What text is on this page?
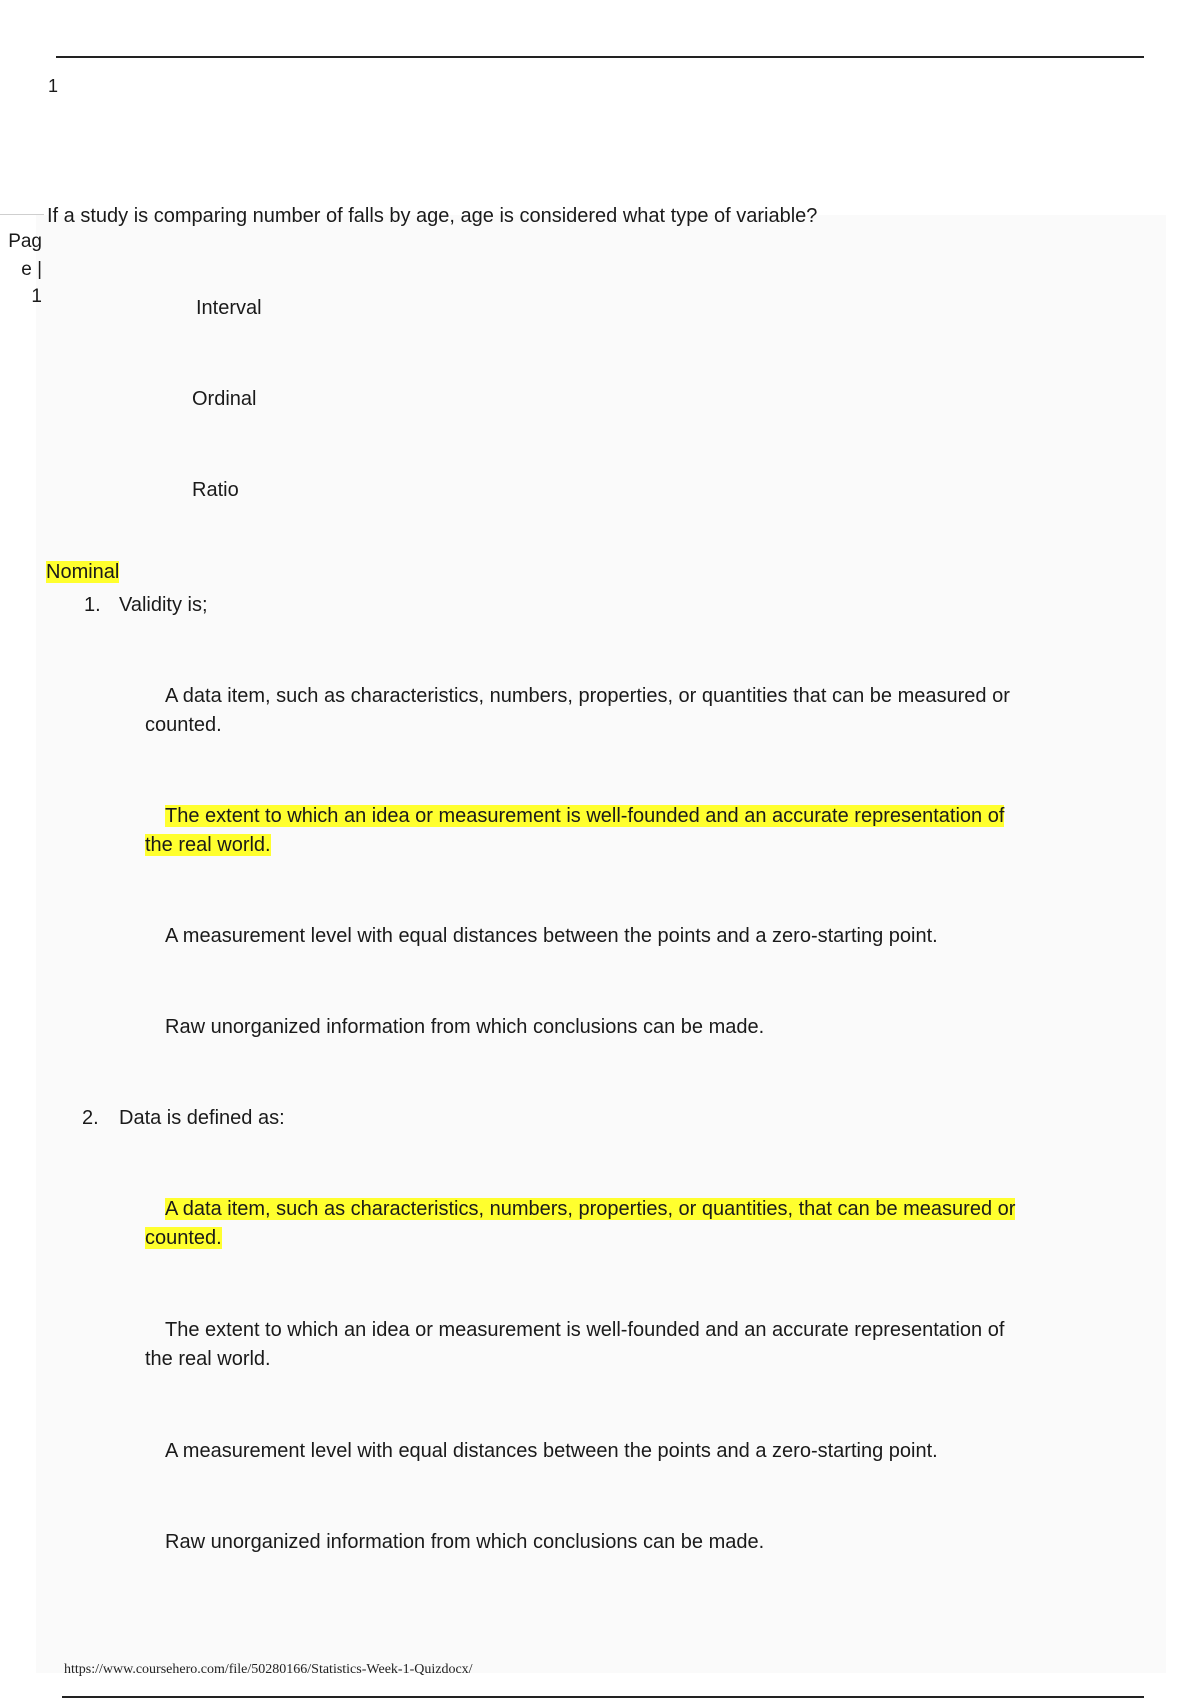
1
Pag
e |
1
If a study is comparing number of falls by age, age is considered what type of variable?
Interval
Ordinal
Ratio
Nominal
1. Validity is;
A data item, such as characteristics, numbers, properties, or quantities that can be measured or
counted.
The extent to which an idea or measurement is well-founded and an accurate representation of
the real world.
A measurement level with equal distances between the points and a zero-starting point.
Raw unorganized information from which conclusions can be made.
2. Data is defined as:
A data item, such as characteristics, numbers, properties, or quantities, that can be measured or
counted.
The extent to which an idea or measurement is well-founded and an accurate representation of
the real world.
A measurement level with equal distances between the points and a zero-starting point.
Raw unorganized information from which conclusions can be made.
https://www.coursehero.com/file/50280166/Statistics-Week-1-Quizdocx/
